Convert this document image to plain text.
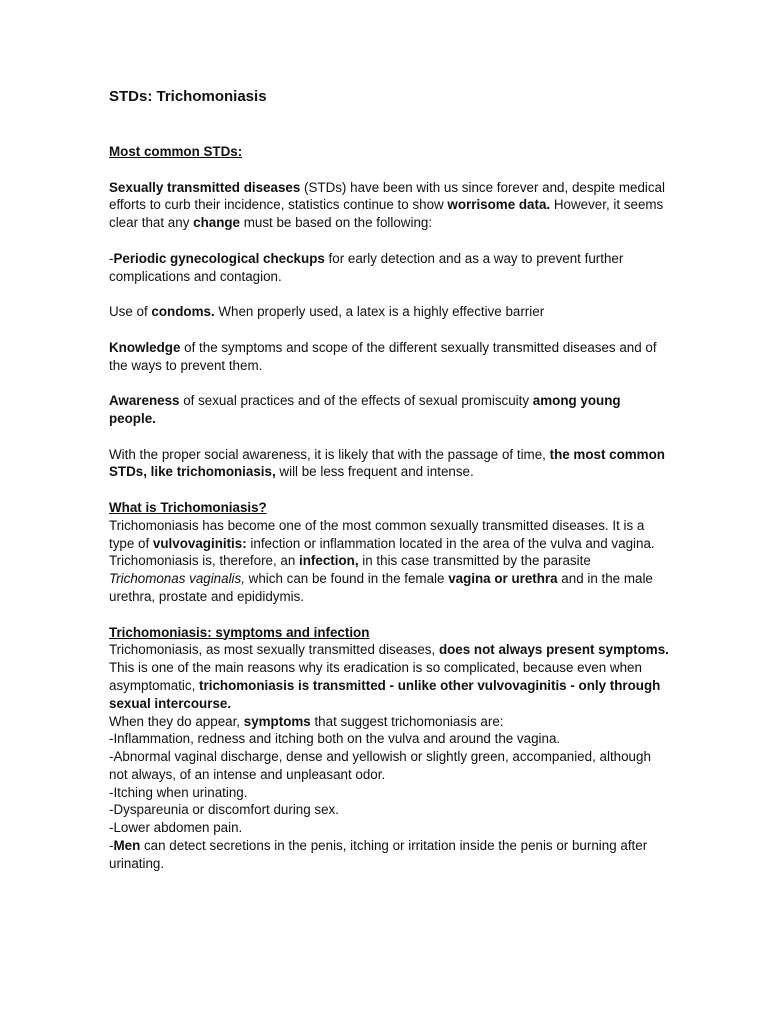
STDs: Trichomoniasis
Most common STDs:

Sexually transmitted diseases (STDs) have been with us since forever and, despite medical efforts to curb their incidence, statistics continue to show worrisome data. However, it seems clear that any change must be based on the following:

-Periodic gynecological checkups for early detection and as a way to prevent further complications and contagion.

Use of condoms. When properly used, a latex is a highly effective barrier

Knowledge of the symptoms and scope of the different sexually transmitted diseases and of the ways to prevent them.

Awareness of sexual practices and of the effects of sexual promiscuity among young people.

With the proper social awareness, it is likely that with the passage of time, the most common STDs, like trichomoniasis, will be less frequent and intense.

What is Trichomoniasis?

Trichomoniasis has become one of the most common sexually transmitted diseases. It is a type of vulvovaginitis: infection or inflammation located in the area of the vulva and vagina.

Trichomoniasis is, therefore, an infection, in this case transmitted by the parasite Trichomonas vaginalis, which can be found in the female vagina or urethra and in the male urethra, prostate and epididymis.

Trichomoniasis: symptoms and infection

Trichomoniasis, as most sexually transmitted diseases, does not always present symptoms. This is one of the main reasons why its eradication is so complicated, because even when asymptomatic, trichomoniasis is transmitted - unlike other vulvovaginitis - only through sexual intercourse.

When they do appear, symptoms that suggest trichomoniasis are:

-Inflammation, redness and itching both on the vulva and around the vagina.

-Abnormal vaginal discharge, dense and yellowish or slightly green, accompanied, although not always, of an intense and unpleasant odor.

-Itching when urinating.

-Dyspareunia or discomfort during sex.

-Lower abdomen pain.

-Men can detect secretions in the penis, itching or irritation inside the penis or burning after urinating.
